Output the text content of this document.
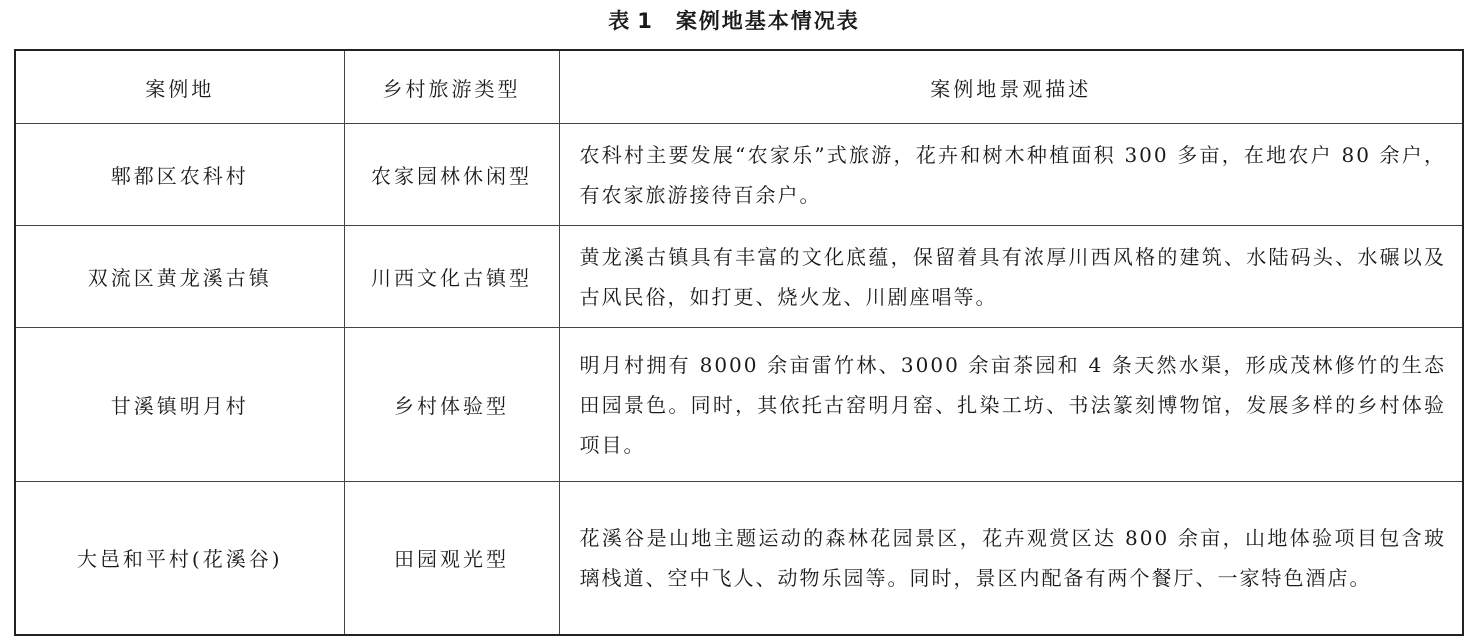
表 1 案例地基本情况表
案例地	乡村旅游类型	案例地景观描述
郫都区农科村	农家园林休闲型	农科村主要发展“农家乐”式旅游，花卉和树木种植面积 300 多亩，在地农户 80 余户，有农家旅游接待百余户。
双流区黄龙溪古镇	川西文化古镇型	黄龙溪古镇具有丰富的文化底蕴，保留着具有浓厚川西风格的建筑、水陆码头、水碾以及古风民俗，如打更、烧火龙、川剧座唱等。
甘溪镇明月村	乡村体验型	明月村拥有 8000 余亩雷竹林、3000 余亩茶园和 4 条天然水渠，形成茂林修竹的生态田园景色。同时，其依托古窑明月窑、扎染工坊、书法篆刻博物馆，发展多样的乡村体验项目。
大邑和平村(花溪谷)	田园观光型	花溪谷是山地主题运动的森林花园景区，花卉观赏区达 800 余亩，山地体验项目包含玻璃栈道、空中飞人、动物乐园等。同时，景区内配备有两个餐厅、一家特色酒店。
